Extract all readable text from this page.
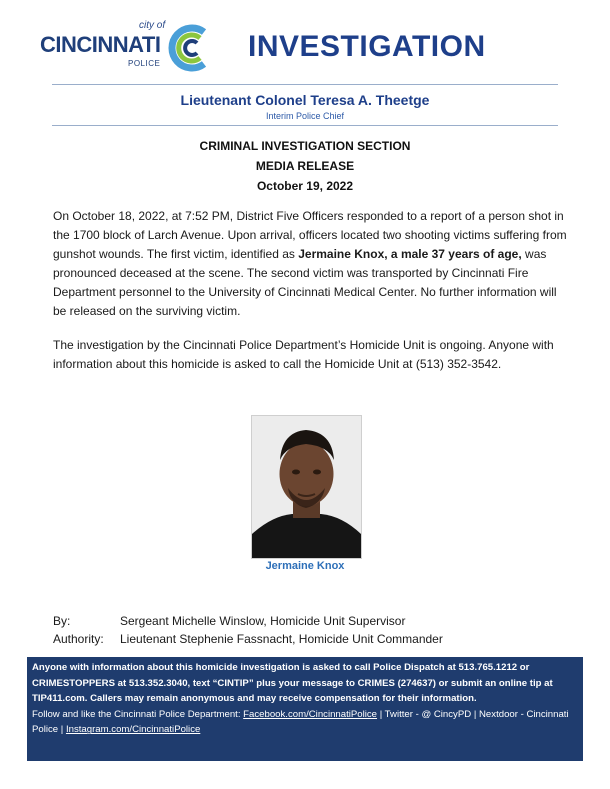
city of
CINCINNATI
POLICE
INVESTIGATION
Lieutenant Colonel Teresa A. Theetge
Interim Police Chief
CRIMINAL INVESTIGATION SECTION
MEDIA RELEASE
October 19, 2022
On October 18, 2022, at 7:52 PM, District Five Officers responded to a report of a person shot in the 1700 block of Larch Avenue. Upon arrival, officers located two shooting victims suffering from gunshot wounds. The first victim, identified as Jermaine Knox, a male 37 years of age, was pronounced deceased at the scene. The second victim was transported by Cincinnati Fire Department personnel to the University of Cincinnati Medical Center. No further information will be released on the surviving victim.
The investigation by the Cincinnati Police Department’s Homicide Unit is ongoing. Anyone with information about this homicide is asked to call the Homicide Unit at (513) 352-3542.
Jermaine Knox
By:	Sergeant Michelle Winslow, Homicide Unit Supervisor
Authority:	Lieutenant Stephenie Fassnacht, Homicide Unit Commander
Anyone with information about this homicide investigation is asked to call Police Dispatch at 513.765.1212 or CRIMESTOPPERS at 513.352.3040, text “CINTIP” plus your message to CRIMES (274637) or submit an online tip at TIP411.com. Callers may remain anonymous and may receive compensation for their information.
Follow and like the Cincinnati Police Department: Facebook.com/CincinnatiPolice | Twitter - @ CincyPD | Nextdoor - Cincinnati Police | Instagram.com/CincinnatiPolice
